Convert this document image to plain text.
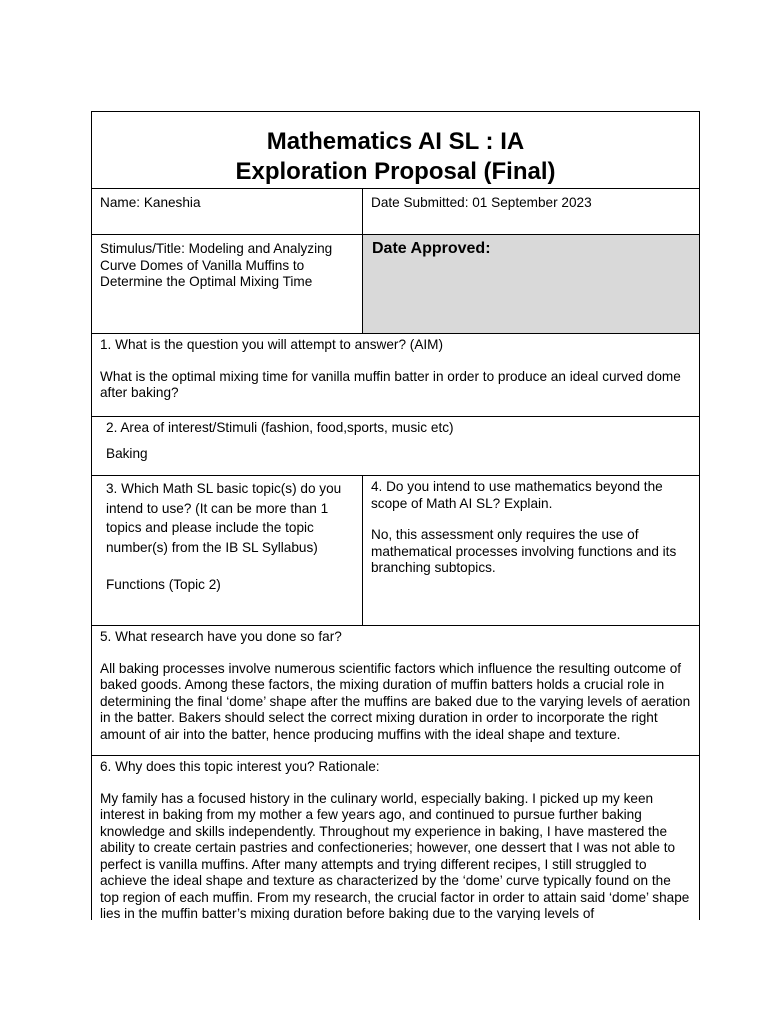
Mathematics AI SL : IA
Exploration Proposal (Final)
Name: Kaneshia	Date Submitted: 01 September 2023
Stimulus/Title: Modeling and Analyzing Curve Domes of Vanilla Muffins to Determine the Optimal Mixing Time
Date Approved:
1. What is the question you will attempt to answer? (AIM)
What is the optimal mixing time for vanilla muffin batter in order to produce an ideal curved dome after baking?
2. Area of interest/Stimuli (fashion, food,sports, music etc)
Baking
3. Which Math SL basic topic(s) do you intend to use? (It can be more than 1 topics and please include the topic number(s) from the IB SL Syllabus)
Functions (Topic 2)
4. Do you intend to use mathematics beyond the scope of Math AI SL? Explain.
No, this assessment only requires the use of mathematical processes involving functions and its branching subtopics.
5. What research have you done so far?
All baking processes involve numerous scientific factors which influence the resulting outcome of baked goods. Among these factors, the mixing duration of muffin batters holds a crucial role in determining the final ‘dome’ shape after the muffins are baked due to the varying levels of aeration in the batter. Bakers should select the correct mixing duration in order to incorporate the right amount of air into the batter, hence producing muffins with the ideal shape and texture.
6. Why does this topic interest you? Rationale:
My family has a focused history in the culinary world, especially baking. I picked up my keen interest in baking from my mother a few years ago, and continued to pursue further baking knowledge and skills independently. Throughout my experience in baking, I have mastered the ability to create certain pastries and confectioneries; however, one dessert that I was not able to perfect is vanilla muffins. After many attempts and trying different recipes, I still struggled to achieve the ideal shape and texture as characterized by the ‘dome’ curve typically found on the top region of each muffin. From my research, the crucial factor in order to attain said ‘dome’ shape lies in the muffin batter’s mixing duration before baking due to the varying levels of
